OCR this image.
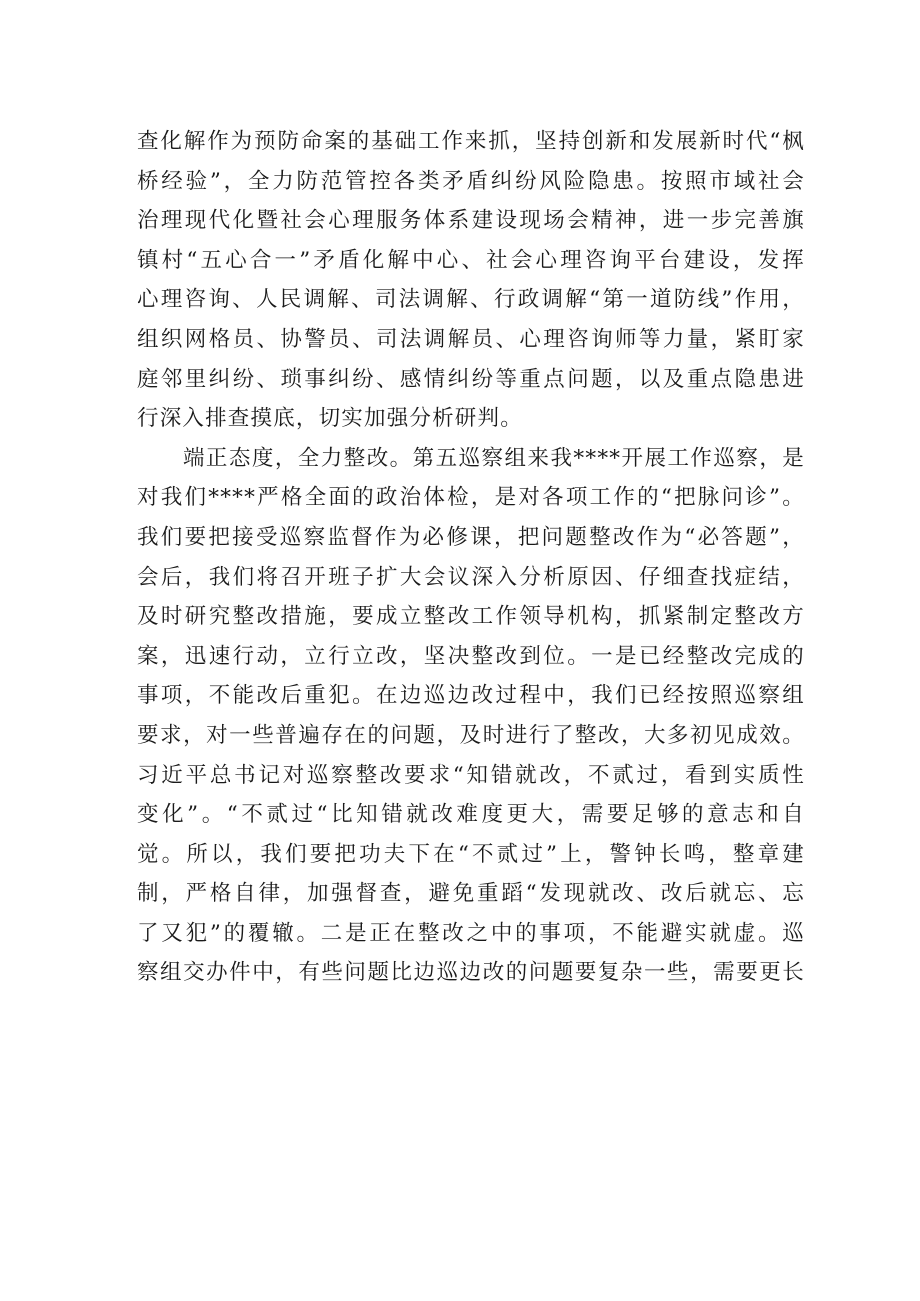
查化解作为预防命案的基础工作来抓，坚持创新和发展新时代“枫
桥经验”，全力防范管控各类矛盾纠纷风险隐患。按照市域社会
治理现代化暨社会心理服务体系建设现场会精神，进一步完善旗
镇村“五心合一”矛盾化解中心、社会心理咨询平台建设，发挥
心理咨询、人民调解、司法调解、行政调解“第一道防线”作用，
组织网格员、协警员、司法调解员、心理咨询师等力量，紧盯家
庭邻里纠纷、琐事纠纷、感情纠纷等重点问题，以及重点隐患进
行深入排查摸底，切实加强分析研判。
　　端正态度，全力整改。第五巡察组来我****开展工作巡察，是
对我们****严格全面的政治体检，是对各项工作的“把脉问诊”。
我们要把接受巡察监督作为必修课，把问题整改作为“必答题”，
会后，我们将召开班子扩大会议深入分析原因、仔细查找症结，
及时研究整改措施，要成立整改工作领导机构，抓紧制定整改方
案，迅速行动，立行立改，坚决整改到位。一是已经整改完成的
事项，不能改后重犯。在边巡边改过程中，我们已经按照巡察组
要求，对一些普遍存在的问题，及时进行了整改，大多初见成效。
习近平总书记对巡察整改要求“知错就改，不贰过，看到实质性
变化”。“不贰过“比知错就改难度更大，需要足够的意志和自
觉。所以，我们要把功夫下在“不贰过”上，警钟长鸣，整章建
制，严格自律，加强督查，避免重蹈“发现就改、改后就忘、忘
了又犯”的覆辙。二是正在整改之中的事项，不能避实就虚。巡
察组交办件中，有些问题比边巡边改的问题要复杂一些，需要更长
